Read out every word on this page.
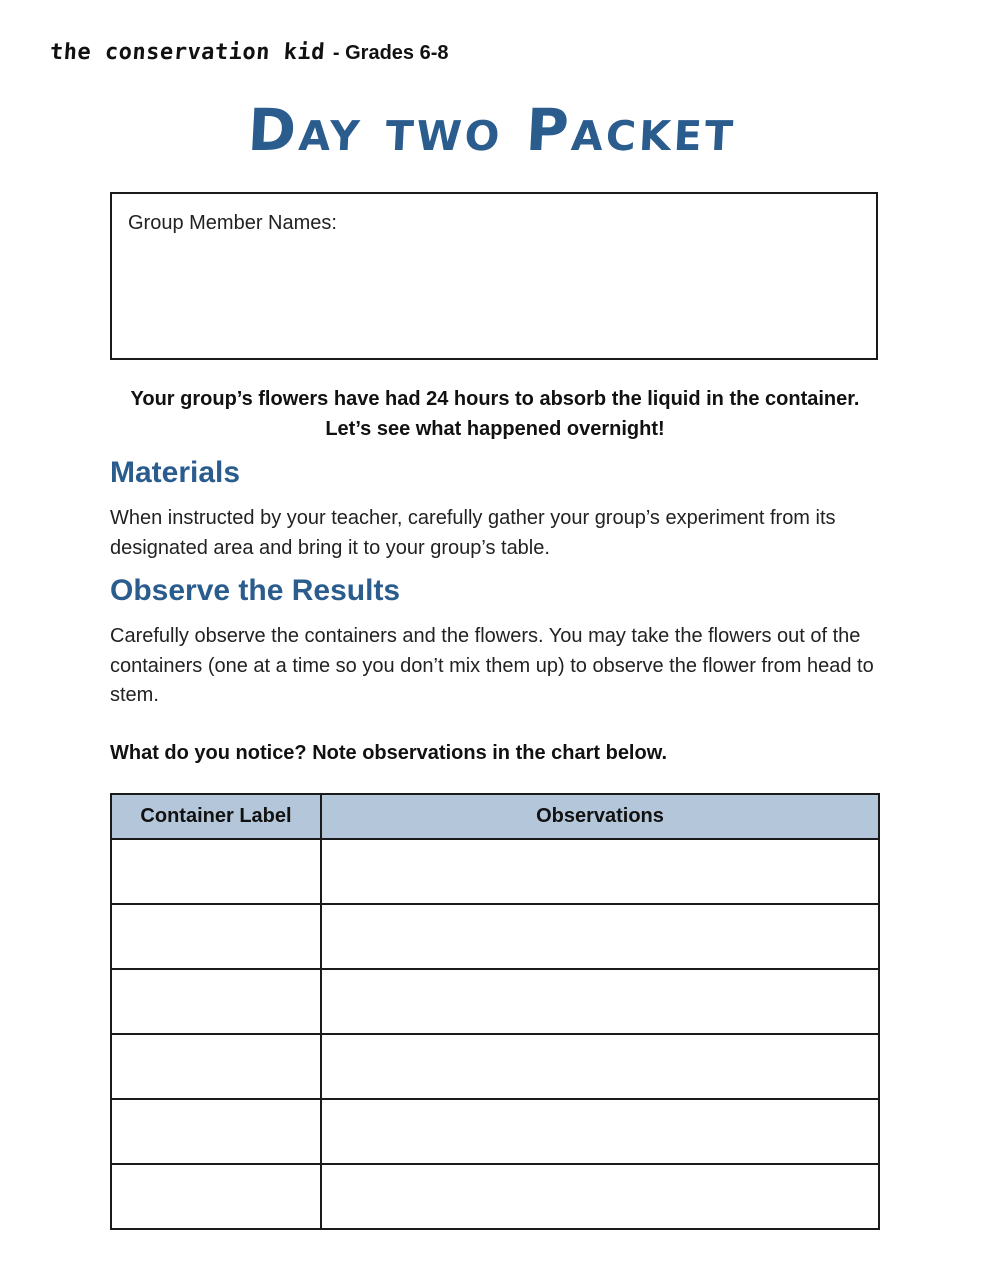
the conservation kid - Grades 6-8
Day two Packet
Group Member Names:
Your group’s flowers have had 24 hours to absorb the liquid in the container. Let’s see what happened overnight!
Materials
When instructed by your teacher, carefully gather your group’s experiment from its designated area and bring it to your group’s table.
Observe the Results
Carefully observe the containers and the flowers. You may take the flowers out of the containers (one at a time so you don’t mix them up) to observe the flower from head to stem.
What do you notice? Note observations in the chart below.
Container Label	Observations
